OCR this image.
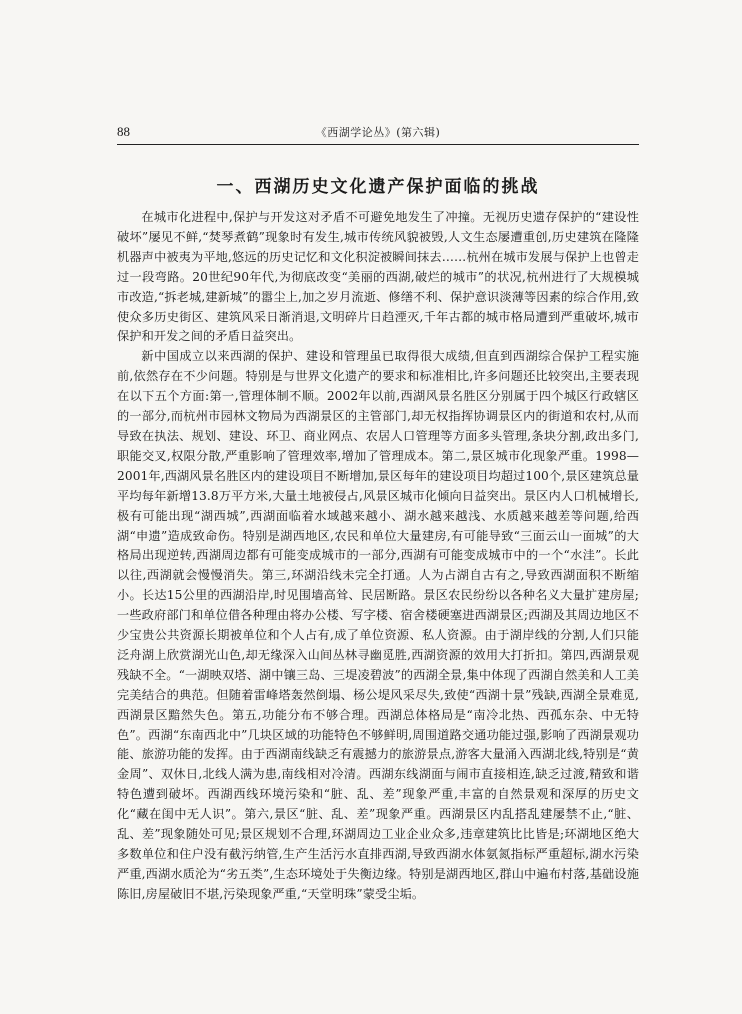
88	《西湖学论丛》(第六辑)
一、西湖历史文化遗产保护面临的挑战

在城市化进程中,保护与开发这对矛盾不可避免地发生了冲撞。无视历史遗存保护的“建设性破坏”屡见不鲜,“焚琴煮鹤”现象时有发生,城市传统风貌被毁,人文生态屡遭重创,历史建筑在隆隆机器声中被夷为平地,悠远的历史记忆和文化积淀被瞬间抹去……杭州在城市发展与保护上也曾走过一段弯路。20世纪90年代,为彻底改变“美丽的西湖,破烂的城市”的状况,杭州进行了大规模城市改造,“拆老城,建新城”的嚣尘上,加之岁月流逝、修缮不利、保护意识淡薄等因素的综合作用,致使众多历史街区、建筑风采日渐消退,文明碎片日趋湮灭,千年古都的城市格局遭到严重破坏,城市保护和开发之间的矛盾日益突出。

新中国成立以来西湖的保护、建设和管理虽已取得很大成绩,但直到西湖综合保护工程实施前,依然存在不少问题。特别是与世界文化遗产的要求和标准相比,许多问题还比较突出,主要表现在以下五个方面:第一,管理体制不顺。2002年以前,西湖风景名胜区分别属于四个城区行政辖区的一部分,而杭州市园林文物局为西湖景区的主管部门,却无权指挥协调景区内的街道和农村,从而导致在执法、规划、建设、环卫、商业网点、农居人口管理等方面多头管理,条块分割,政出多门,职能交叉,权限分散,严重影响了管理效率,增加了管理成本。第二,景区城市化现象严重。1998—2001年,西湖风景名胜区内的建设项目不断增加,景区每年的建设项目均超过100个,景区建筑总量平均每年新增13.8万平方米,大量土地被侵占,风景区城市化倾向日益突出。景区内人口机械增长,极有可能出现“湖西城”,西湖面临着水域越来越小、湖水越来越浅、水质越来越差等问题,给西湖“申遗”造成致命伤。特别是湖西地区,农民和单位大量建房,有可能导致“三面云山一面城”的大格局出现逆转,西湖周边都有可能变成城市的一部分,西湖有可能变成城市中的一个“水洼”。长此以往,西湖就会慢慢消失。第三,环湖沿线未完全打通。人为占湖自古有之,导致西湖面积不断缩小。长达15公里的西湖沿岸,时见围墙高耸、民居断路。景区农民纷纷以各种名义大量扩建房屋;一些政府部门和单位借各种理由将办公楼、写字楼、宿舍楼硬塞进西湖景区;西湖及其周边地区不少宝贵公共资源长期被单位和个人占有,成了单位资源、私人资源。由于湖岸线的分割,人们只能泛舟湖上欣赏湖光山色,却无缘深入山间丛林寻幽觅胜,西湖资源的效用大打折扣。第四,西湖景观残缺不全。“一湖映双塔、湖中镶三岛、三堤凌碧波”的西湖全景,集中体现了西湖自然美和人工美完美结合的典范。但随着雷峰塔轰然倒塌、杨公堤风采尽失,致使“西湖十景”残缺,西湖全景难觅,西湖景区黯然失色。第五,功能分布不够合理。西湖总体格局是“南冷北热、西孤东杂、中无特色”。西湖“东南西北中”几块区域的功能特色不够鲜明,周围道路交通功能过强,影响了西湖景观功能、旅游功能的发挥。由于西湖南线缺乏有震撼力的旅游景点,游客大量涌入西湖北线,特别是“黄金周”、双休日,北线人满为患,南线相对冷清。西湖东线湖面与闹市直接相连,缺乏过渡,精致和谐特色遭到破坏。西湖西线环境污染和“脏、乱、差”现象严重,丰富的自然景观和深厚的历史文化“藏在闺中无人识”。第六,景区“脏、乱、差”现象严重。西湖景区内乱搭乱建屡禁不止,“脏、乱、差”现象随处可见;景区规划不合理,环湖周边工业企业众多,违章建筑比比皆是;环湖地区绝大多数单位和住户没有截污纳管,生产生活污水直排西湖,导致西湖水体氨氮指标严重超标,湖水污染严重,西湖水质沦为“劣五类”,生态环境处于失衡边缘。特别是湖西地区,群山中遍布村落,基础设施陈旧,房屋破旧不堪,污染现象严重,“天堂明珠”蒙受尘垢。
